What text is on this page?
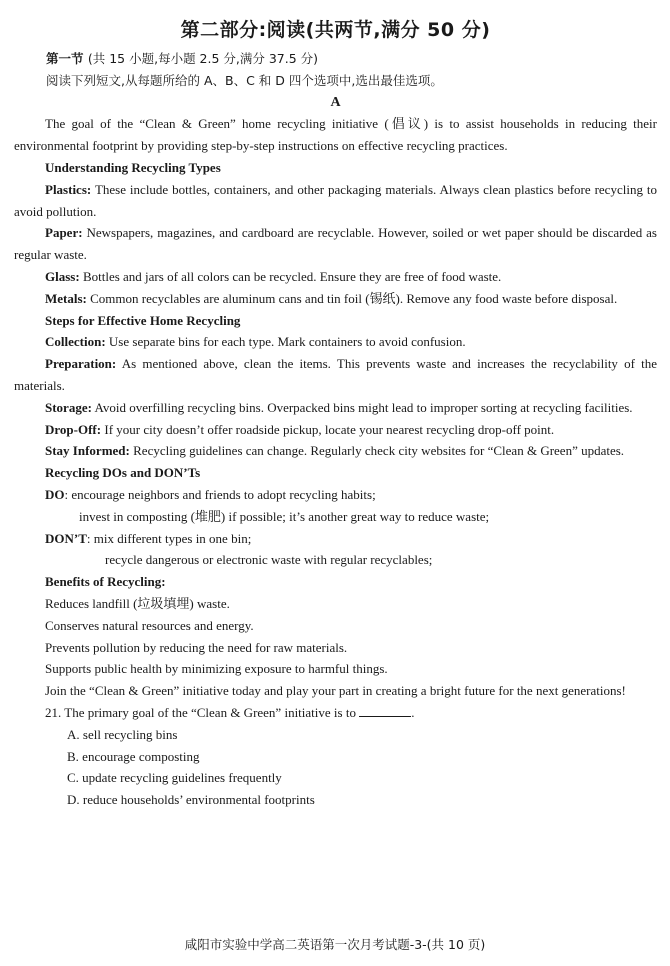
第二部分:阅读(共两节,满分 50 分)
第一节 (共 15 小题,每小题 2.5 分,满分 37.5 分)
阅读下列短文,从每题所给的 A、B、C 和 D 四个选项中,选出最佳选项。
A

The goal of the “Clean & Green” home recycling initiative (倡议) is to assist households in reducing their environmental footprint by providing step-by-step instructions on effective recycling practices.

Understanding Recycling Types

Plastics: These include bottles, containers, and other packaging materials. Always clean plastics before recycling to avoid pollution.

Paper: Newspapers, magazines, and cardboard are recyclable. However, soiled or wet paper should be discarded as regular waste.

Glass: Bottles and jars of all colors can be recycled. Ensure they are free of food waste.

Metals: Common recyclables are aluminum cans and tin foil (锡纸). Remove any food waste before disposal.

Steps for Effective Home Recycling

Collection: Use separate bins for each type. Mark containers to avoid confusion.

Preparation: As mentioned above, clean the items. This prevents waste and increases the recyclability of the materials.

Storage: Avoid overfilling recycling bins. Overpacked bins might lead to improper sorting at recycling facilities.

Drop-Off: If your city doesn’t offer roadside pickup, locate your nearest recycling drop-off point.

Stay Informed: Recycling guidelines can change. Regularly check city websites for “Clean & Green” updates.

Recycling DOs and DON’Ts
DO: encourage neighbors and friends to adopt recycling habits;
invest in composting (堆肥) if possible; it’s another great way to reduce waste;
DON’T: mix different types in one bin;
recycle dangerous or electronic waste with regular recyclables;
Benefits of Recycling:
Reduces landfill (垃圾填埋) waste.
Conserves natural resources and energy.
Prevents pollution by reducing the need for raw materials.
Supports public health by minimizing exposure to harmful things.

Join the “Clean & Green” initiative today and play your part in creating a bright future for the next generations!

21. The primary goal of the “Clean & Green” initiative is to	.
A. sell recycling bins
B. encourage composting
C. update recycling guidelines frequently
D. reduce households’ environmental footprints
咸阳市实验中学高二英语第一次月考试题-3-(共 10 页)
